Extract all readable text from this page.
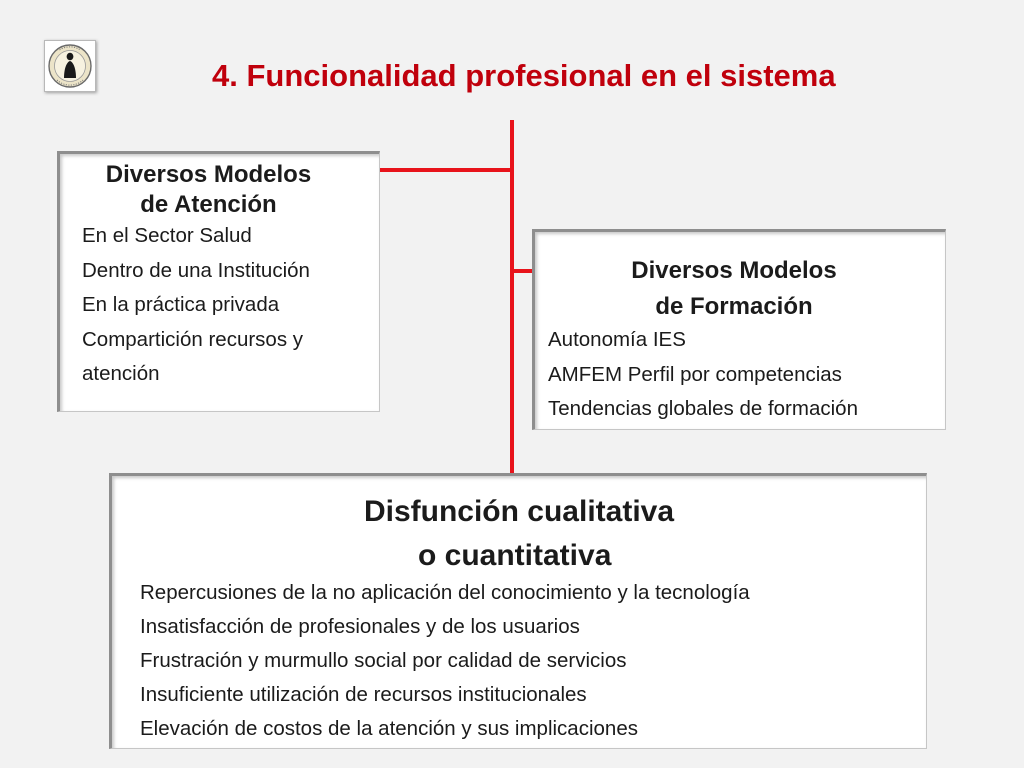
4. Funcionalidad profesional en el sistema
Diversos Modelos
de Atención
En el Sector Salud
Dentro de una Institución
En la práctica privada
Compartición recursos y atención
Diversos Modelos
de Formación
Autonomía IES
AMFEM Perfil por competencias
Tendencias globales de formación
Disfunción cualitativa
o cuantitativa
Repercusiones de la no aplicación del conocimiento y la tecnología
Insatisfacción de profesionales y de los usuarios
Frustración y murmullo social por calidad de servicios
Insuficiente utilización de recursos institucionales
Elevación de costos de la atención y sus implicaciones
